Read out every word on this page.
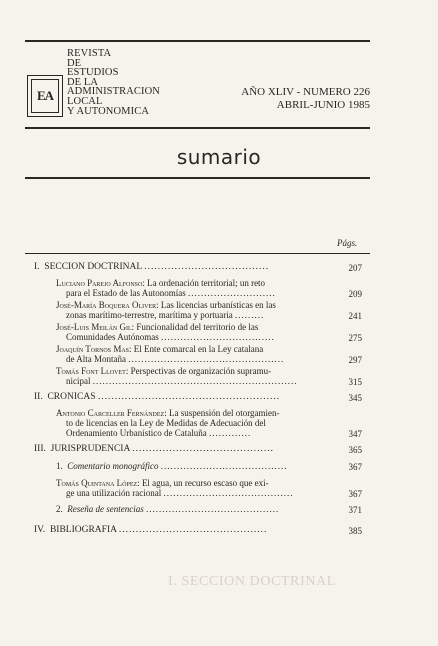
EA
REVISTA
DE
ESTUDIOS
DE LA
ADMINISTRACION
LOCAL
Y AUTONOMICA
AÑO XLIV - NUMERO 226
ABRIL-JUNIO 1985
sumario
Págs.
I. SECCION DOCTRINAL .....................................	207
Luciano Parejo Alfonso: La ordenación territorial; un reto
para el Estado de las Autonomías ...........................	209
José-María Boquera Oliver: Las licencias urbanísticas en las
zonas marítimo-terrestre, marítima y portuaria .........	241
José-Luis Meilán Gil: Funcionalidad del territorio de las
Comunidades Autónomas ...................................	275
Joaquín Tornos Mas: El Ente comarcal en la Ley catalana
de Alta Montaña ................................................	297
Tomás Font Llovet: Perspectivas de organización supramu-
nicipal ...............................................................	315
II. CRONICAS ......................................................	345
Antonio Carceller Fernández: La suspensión del otorgamien-
to de licencias en la Ley de Medidas de Adecuación del
Ordenamiento Urbanístico de Cataluña .............	347
III. JURISPRUDENCIA ..........................................	365
1. Comentario monográfico .......................................	367
Tomás Quintana López: El agua, un recurso escaso que exi-
ge una utilización racional ........................................	367
2. Reseña de sentencias .........................................	371
IV. BIBLIOGRAFIA ............................................	385
I. SECCION DOCTRINAL
